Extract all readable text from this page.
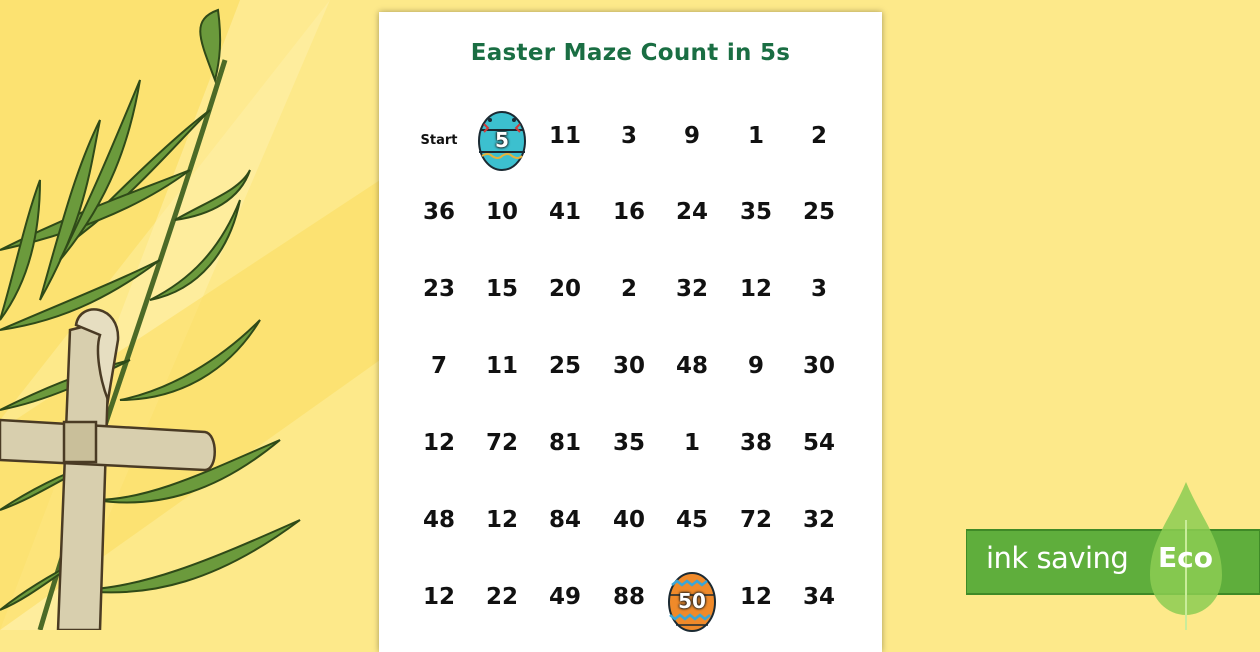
Easter Maze Count in 5s
Start	5	11	3	9	1	2
36	10	41	16	24	35	25
23	15	20	2	32	12	3
7	11	25	30	48	9	30
12	72	81	35	1	38	54
48	12	84	40	45	72	32
12	22	49	88	50	12	34
ink saving Eco
